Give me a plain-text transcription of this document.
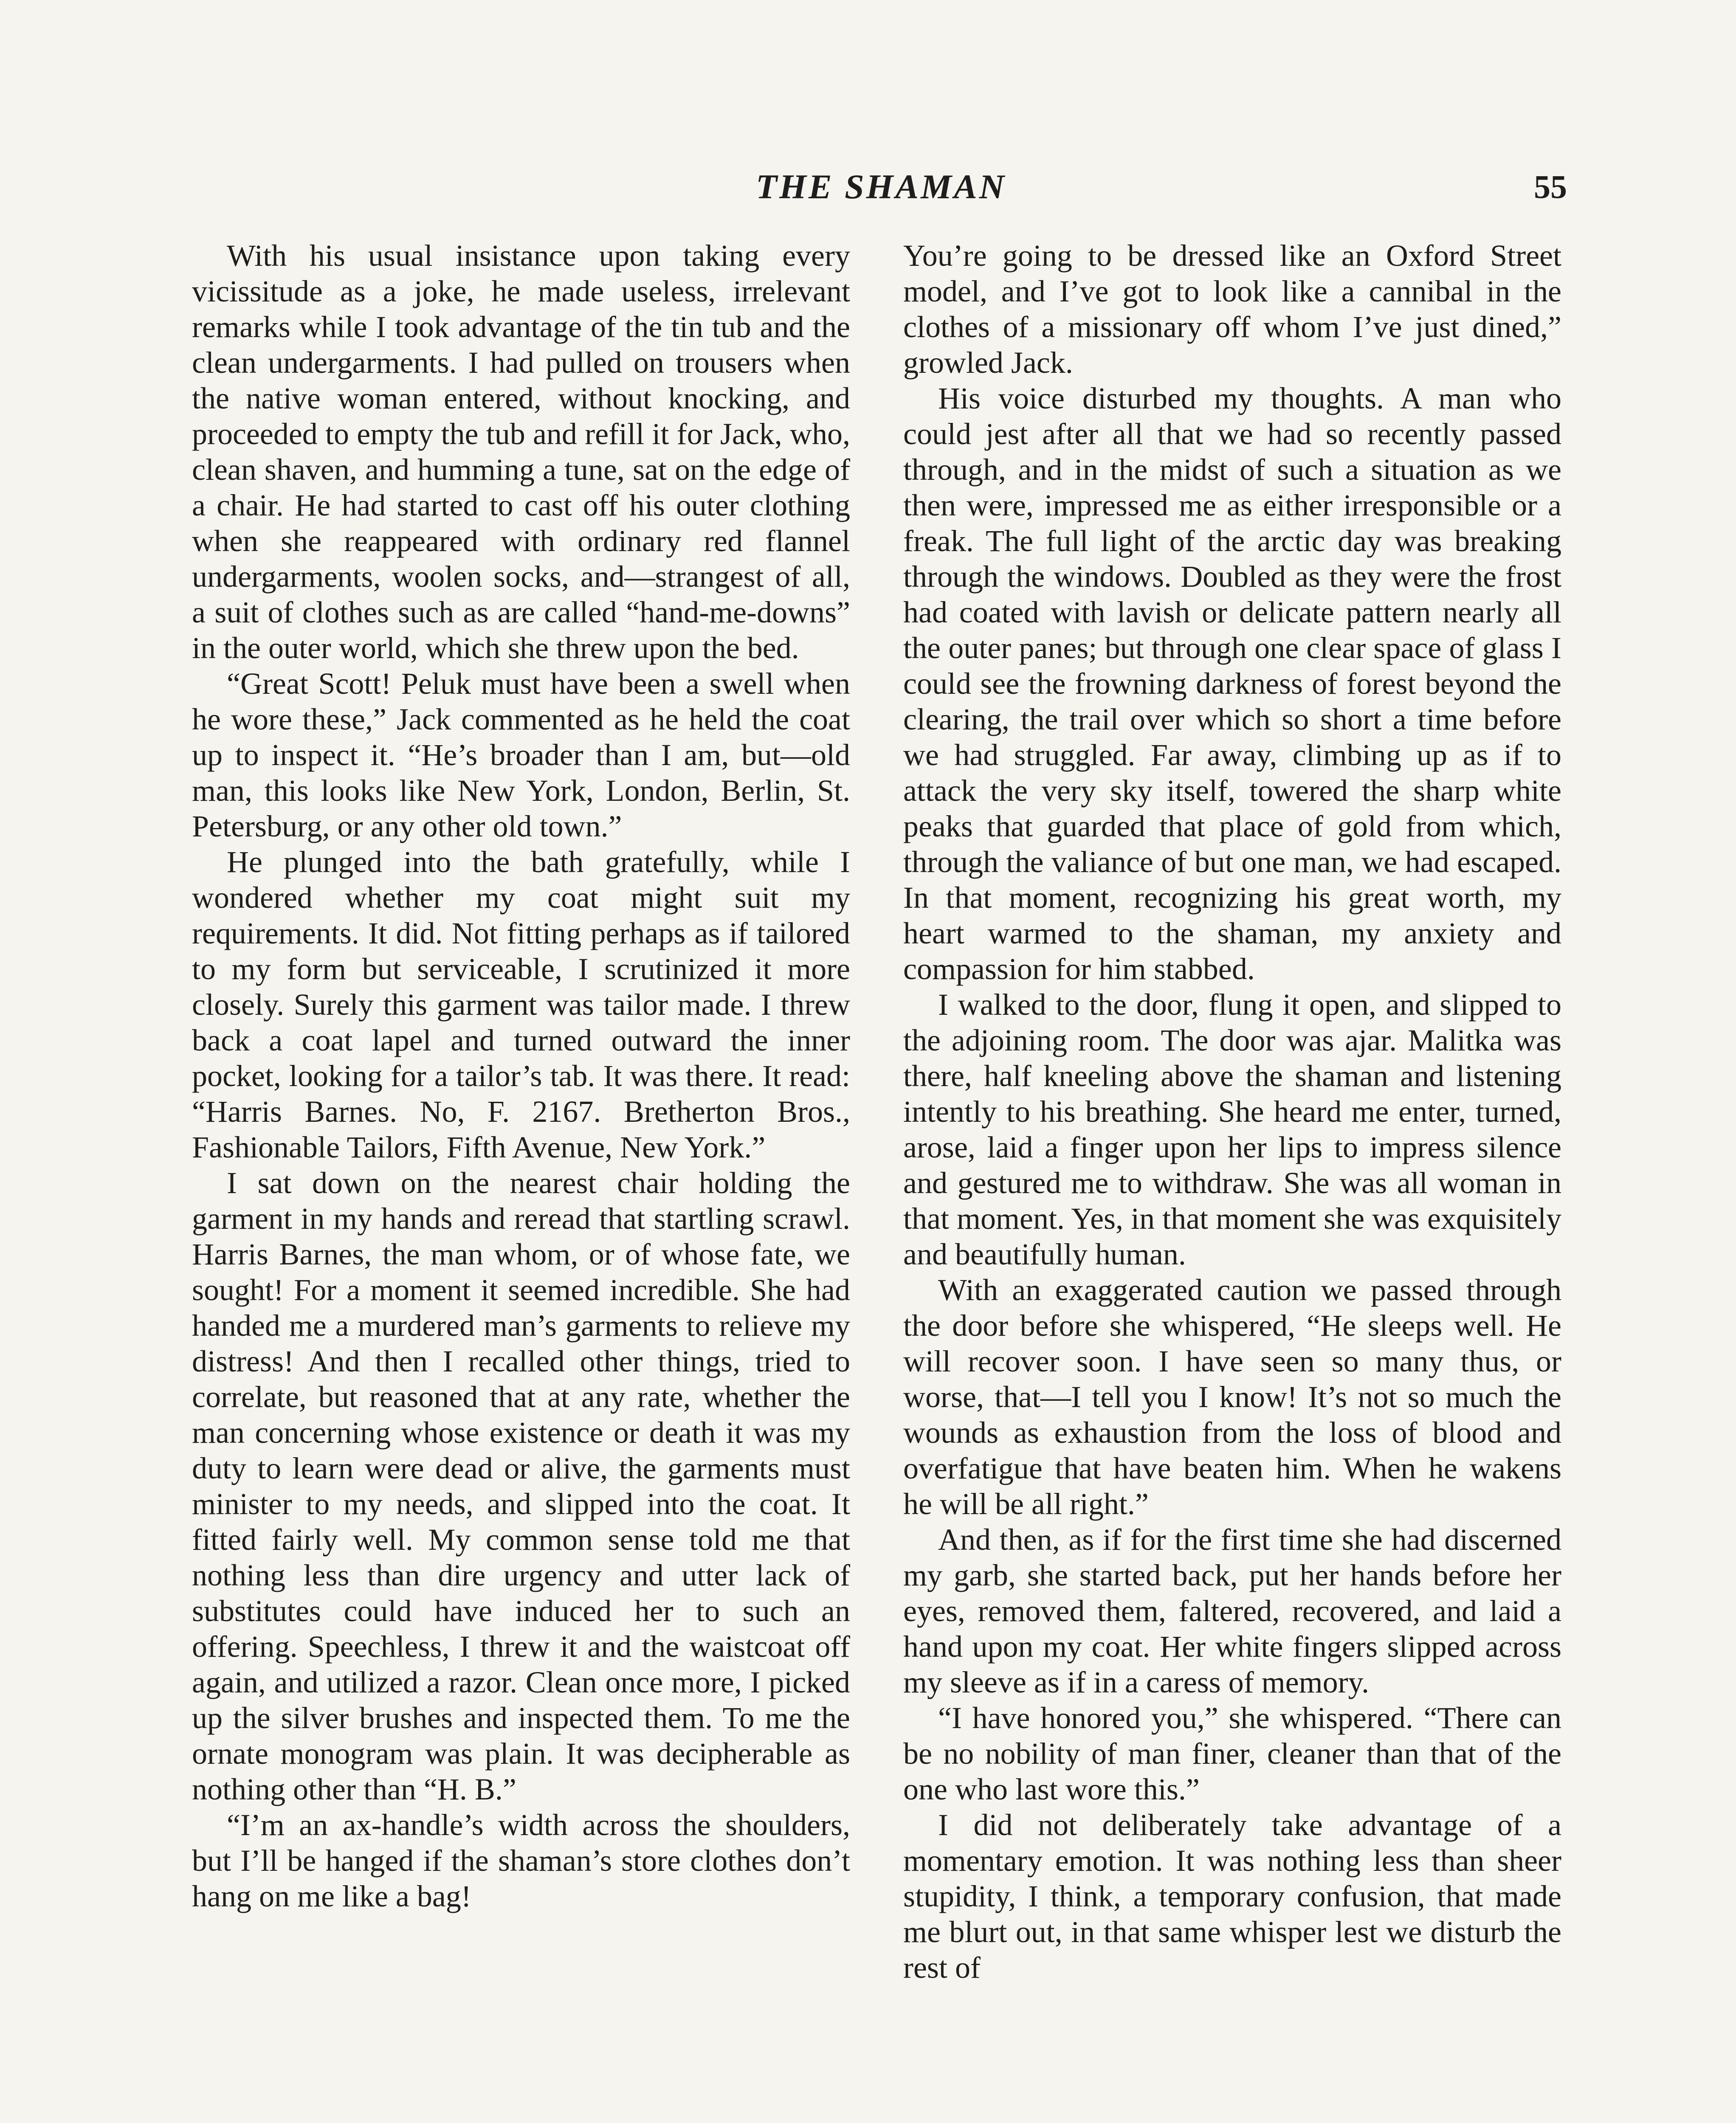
THE SHAMAN	55

With his usual insistance upon taking every vicissitude as a joke, he made useless, irrelevant remarks while I took advantage of the tin tub and the clean undergarments. I had pulled on trousers when the native woman entered, without knocking, and proceeded to empty the tub and refill it for Jack, who, clean shaven, and humming a tune, sat on the edge of a chair. He had started to cast off his outer clothing when she reappeared with ordinary red flannel undergarments, woolen socks, and—strangest of all, a suit of clothes such as are called “hand-me-downs” in the outer world, which she threw upon the bed.

“Great Scott! Peluk must have been a swell when he wore these,” Jack commented as he held the coat up to inspect it. “He’s broader than I am, but—old man, this looks like New York, London, Berlin, St. Petersburg, or any other old town.”

He plunged into the bath gratefully, while I wondered whether my coat might suit my requirements. It did. Not fitting perhaps as if tailored to my form but serviceable, I scrutinized it more closely. Surely this garment was tailor made. I threw back a coat lapel and turned outward the inner pocket, looking for a tailor’s tab. It was there. It read: “Harris Barnes. No, F. 2167. Bretherton Bros., Fashionable Tailors, Fifth Avenue, New York.”

I sat down on the nearest chair holding the garment in my hands and reread that startling scrawl. Harris Barnes, the man whom, or of whose fate, we sought! For a moment it seemed incredible. She had handed me a murdered man’s garments to relieve my distress! And then I recalled other things, tried to correlate, but reasoned that at any rate, whether the man concerning whose existence or death it was my duty to learn were dead or alive, the garments must minister to my needs, and slipped into the coat. It fitted fairly well. My common sense told me that nothing less than dire urgency and utter lack of substitutes could have induced her to such an offering. Speechless, I threw it and the waistcoat off again, and utilized a razor. Clean once more, I picked up the silver brushes and inspected them. To me the ornate monogram was plain. It was decipherable as nothing other than “H. B.”

“I’m an ax-handle’s width across the shoulders, but I’ll be hanged if the shaman’s store clothes don’t hang on me like a bag!

You’re going to be dressed like an Oxford Street model, and I’ve got to look like a cannibal in the clothes of a missionary off whom I’ve just dined,” growled Jack.

His voice disturbed my thoughts. A man who could jest after all that we had so recently passed through, and in the midst of such a situation as we then were, impressed me as either irresponsible or a freak. The full light of the arctic day was breaking through the windows. Doubled as they were the frost had coated with lavish or delicate pattern nearly all the outer panes; but through one clear space of glass I could see the frowning darkness of forest beyond the clearing, the trail over which so short a time before we had struggled. Far away, climbing up as if to attack the very sky itself, towered the sharp white peaks that guarded that place of gold from which, through the valiance of but one man, we had escaped. In that moment, recognizing his great worth, my heart warmed to the shaman, my anxiety and compassion for him stabbed.

I walked to the door, flung it open, and slipped to the adjoining room. The door was ajar. Malitka was there, half kneeling above the shaman and listening intently to his breathing. She heard me enter, turned, arose, laid a finger upon her lips to impress silence and gestured me to withdraw. She was all woman in that moment. Yes, in that moment she was exquisitely and beautifully human.

With an exaggerated caution we passed through the door before she whispered, “He sleeps well. He will recover soon. I have seen so many thus, or worse, that—I tell you I know! It’s not so much the wounds as exhaustion from the loss of blood and overfatigue that have beaten him. When he wakens he will be all right.”

And then, as if for the first time she had discerned my garb, she started back, put her hands before her eyes, removed them, faltered, recovered, and laid a hand upon my coat. Her white fingers slipped across my sleeve as if in a caress of memory.

“I have honored you,” she whispered. “There can be no nobility of man finer, cleaner than that of the one who last wore this.”

I did not deliberately take advantage of a momentary emotion. It was nothing less than sheer stupidity, I think, a temporary confusion, that made me blurt out, in that same whisper lest we disturb the rest of
